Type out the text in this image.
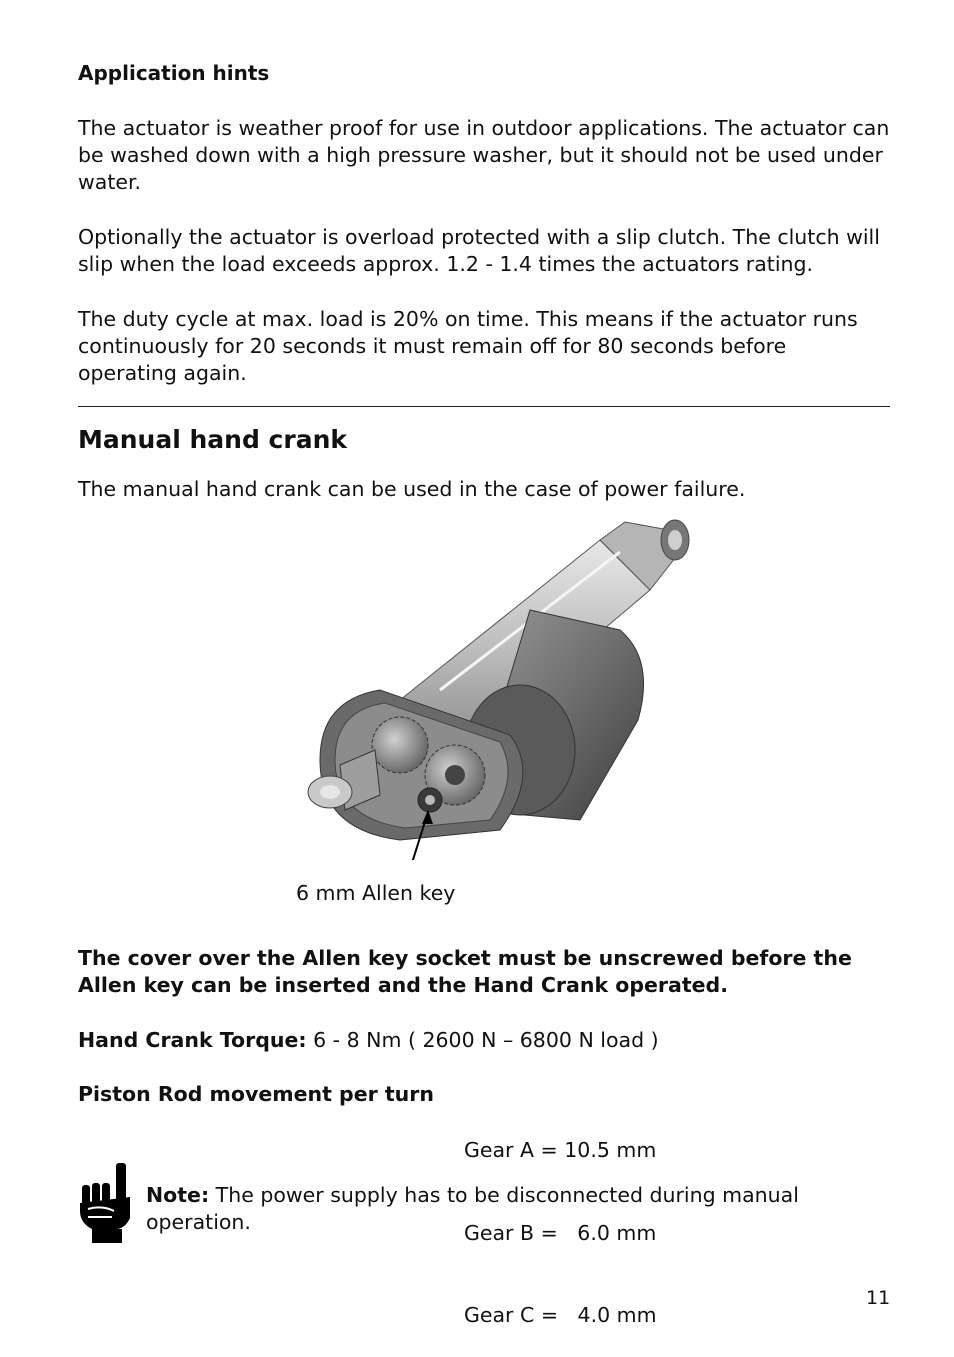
Application hints

The actuator is weather proof for use in outdoor applications. The actuator can be washed down with a high pressure washer, but it should not be used under water.

Optionally the actuator is overload protected with a slip clutch. The clutch will slip when the load exceeds approx. 1.2 - 1.4 times the actuators rating.

The duty cycle at max. load is 20% on time. This means if the actuator runs continuously for 20 seconds it must remain off for 80 seconds before operating again.

Manual hand crank

The manual hand crank can be used in the case of power failure.

6 mm Allen key

The cover over the Allen key socket must be unscrewed before the Allen key can be inserted and the Hand Crank operated.

Hand Crank Torque: 6 - 8 Nm ( 2600 N – 6800 N load )

Piston Rod movement per turn

Gear A = 10.5 mm

Gear B =   6.0 mm

Gear C =   4.0 mm

Note: The power supply has to be disconnected during manual operation.

11
